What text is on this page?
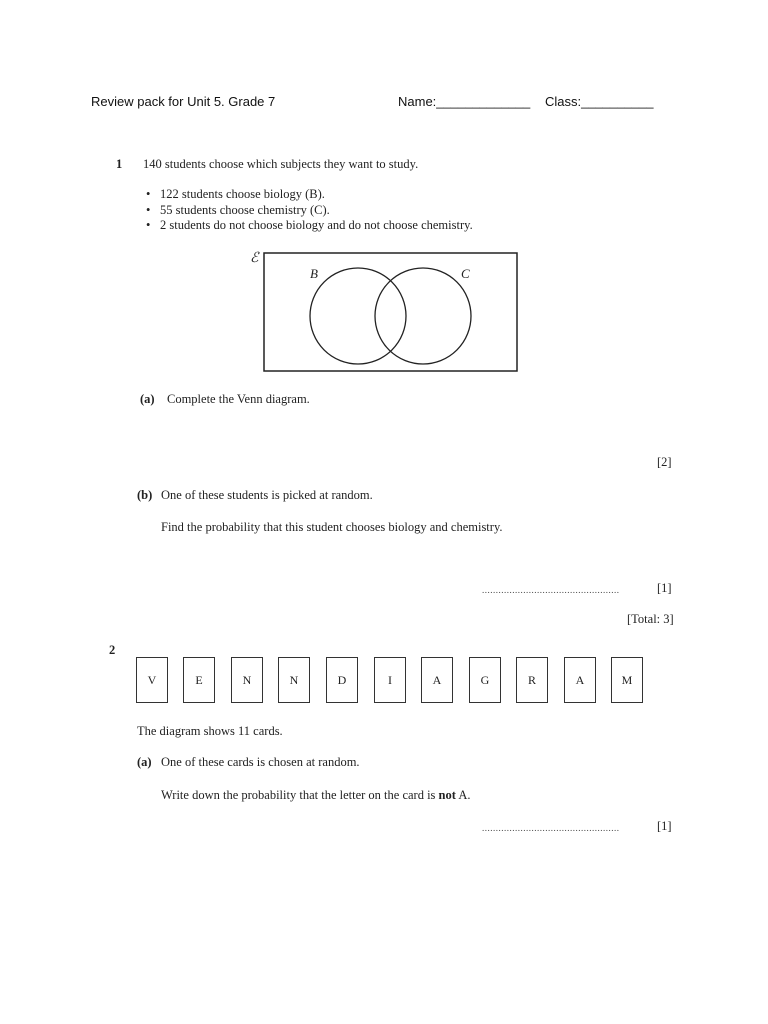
Review pack for Unit 5. Grade 7	Name:_____________ Class:__________
1 140 students choose which subjects they want to study.
• 122 students choose biology (B).
• 55 students choose chemistry (C).
• 2 students do not choose biology and do not choose chemistry.
ℰ
B	C
(a) Complete the Venn diagram.
[2]
(b) One of these students is picked at random.
Find the probability that this student chooses biology and chemistry.
..................................................	[1]
[Total: 3]
2
V	E	N	N	D	I	A	G	R	A	M
The diagram shows 11 cards.
(a) One of these cards is chosen at random.
Write down the probability that the letter on the card is not A.
..................................................	[1]
